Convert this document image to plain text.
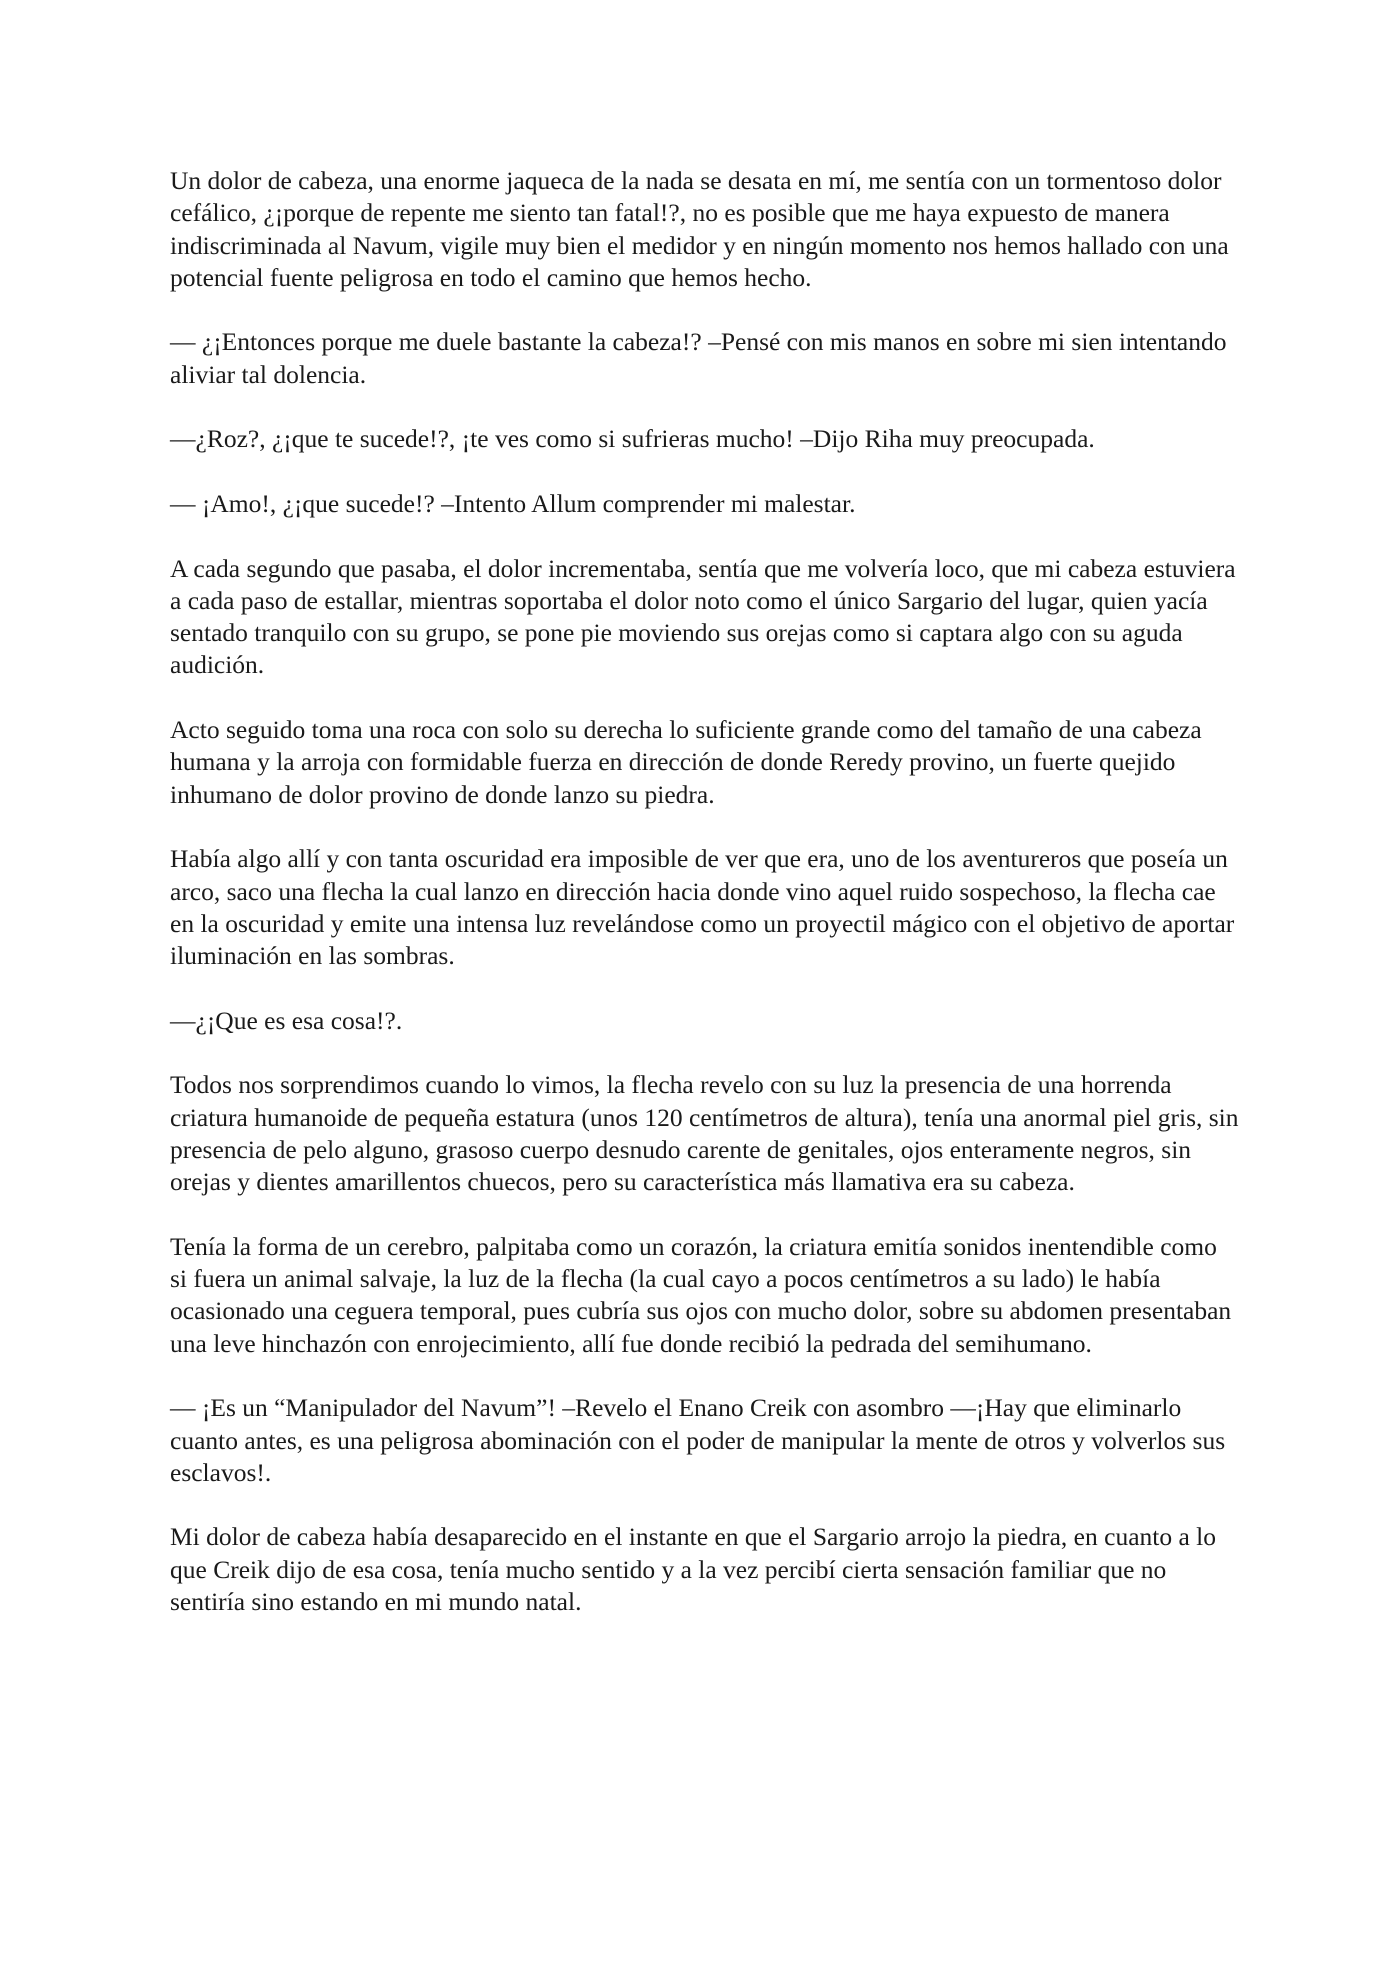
Un dolor de cabeza, una enorme jaqueca de la nada se desata en mí, me sentía con un tormentoso dolor cefálico, ¿¡porque de repente me siento tan fatal!?, no es posible que me haya expuesto de manera indiscriminada al Navum, vigile muy bien el medidor y en ningún momento nos hemos hallado con una potencial fuente peligrosa en todo el camino que hemos hecho.

— ¿¡Entonces porque me duele bastante la cabeza!? –Pensé con mis manos en sobre mi sien intentando aliviar tal dolencia.

—¿Roz?, ¿¡que te sucede!?, ¡te ves como si sufrieras mucho! –Dijo Riha muy preocupada.

— ¡Amo!, ¿¡que sucede!? –Intento Allum comprender mi malestar.

A cada segundo que pasaba, el dolor incrementaba, sentía que me volvería loco, que mi cabeza estuviera a cada paso de estallar, mientras soportaba el dolor noto como el único Sargario del lugar, quien yacía sentado tranquilo con su grupo, se pone pie moviendo sus orejas como si captara algo con su aguda audición.

Acto seguido toma una roca con solo su derecha lo suficiente grande como del tamaño de una cabeza humana y la arroja con formidable fuerza en dirección de donde Reredy provino, un fuerte quejido inhumano de dolor provino de donde lanzo su piedra.

Había algo allí y con tanta oscuridad era imposible de ver que era, uno de los aventureros que poseía un arco, saco una flecha la cual lanzo en dirección hacia donde vino aquel ruido sospechoso, la flecha cae en la oscuridad y emite una intensa luz revelándose como un proyectil mágico con el objetivo de aportar iluminación en las sombras.

—¿¡Que es esa cosa!?.

Todos nos sorprendimos cuando lo vimos, la flecha revelo con su luz la presencia de una horrenda criatura humanoide de pequeña estatura (unos 120 centímetros de altura), tenía una anormal piel gris, sin presencia de pelo alguno, grasoso cuerpo desnudo carente de genitales, ojos enteramente negros, sin orejas y dientes amarillentos chuecos, pero su característica más llamativa era su cabeza.

Tenía la forma de un cerebro, palpitaba como un corazón, la criatura emitía sonidos inentendible como si fuera un animal salvaje, la luz de la flecha (la cual cayo a pocos centímetros a su lado) le había ocasionado una ceguera temporal, pues cubría sus ojos con mucho dolor, sobre su abdomen presentaban una leve hinchazón con enrojecimiento, allí fue donde recibió la pedrada del semihumano.

— ¡Es un “Manipulador del Navum”! –Revelo el Enano Creik con asombro —¡Hay que eliminarlo cuanto antes, es una peligrosa abominación con el poder de manipular la mente de otros y volverlos sus esclavos!.

Mi dolor de cabeza había desaparecido en el instante en que el Sargario arrojo la piedra, en cuanto a lo que Creik dijo de esa cosa, tenía mucho sentido y a la vez percibí cierta sensación familiar que no sentiría sino estando en mi mundo natal.
